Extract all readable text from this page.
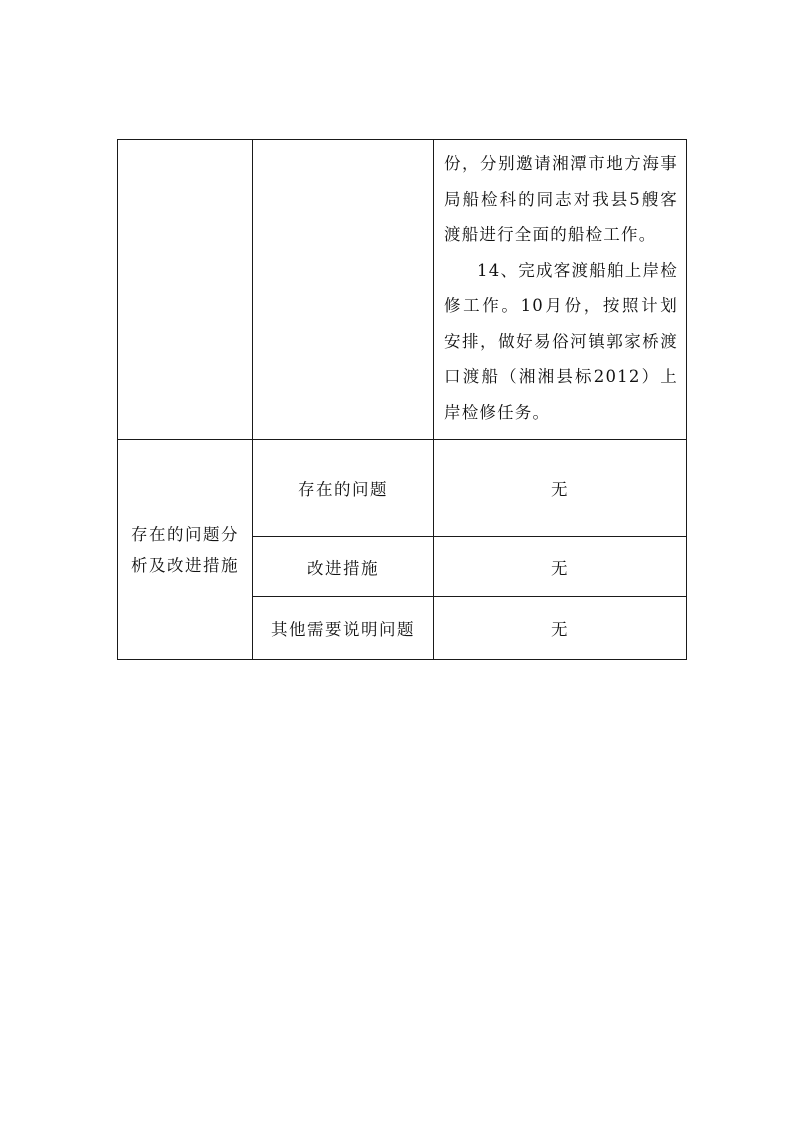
		份，分别邀请湘潭市地方海事局船检科的同志对我县5艘客渡船进行全面的船检工作。

14、完成客渡船舶上岸检修工作。10月份，按照计划安排，做好易俗河镇郭家桥渡口渡船（湘湘县标2012）上岸检修任务。

存在的问题分
析及改进措施	存在的问题	无
	改进措施	无
	其他需要说明问题	无
